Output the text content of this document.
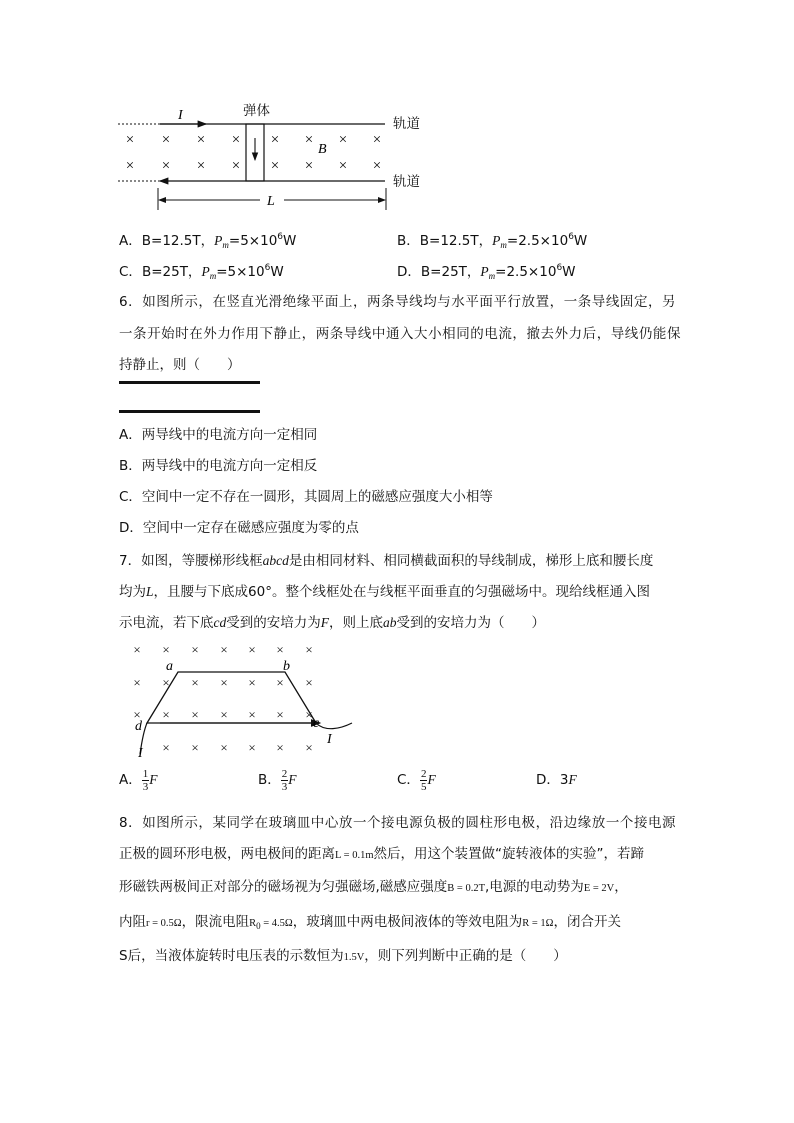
× × × × × × × ×
× × × × × × × ×
I
B
L
弹体
轨道
轨道
A．B=12.5T，$P_m=5\times 10^6W$	B．B=12.5T，$P_m=2.5\times 10^6W$
C．B=25T，$P_m=5\times 10^6W$	D．B=25T，$P_m=2.5\times 10^6W$
6．如图所示，在竖直光滑绝缘平面上，两条导线均与水平面平行放置，一条导线固定，另
一条开始时在外力作用下静止，两条导线中通入大小相同的电流，撤去外力后，导线仍能保
持静止，则（　　）
A．两导线中的电流方向一定相同
B．两导线中的电流方向一定相反
C．空间中一定不存在一圆形，其圆周上的磁感应强度大小相等
D．空间中一定存在磁感应强度为零的点
7．如图，等腰梯形线框abcd是由相同材料、相同横截面积的导线制成，梯形上底和腰长度
均为L，且腰与下底成60°。整个线框处在与线框平面垂直的匀强磁场中。现给线框通入图
示电流，若下底cd受到的安培力为F，则上底ab受到的安培力为（　　）
× × × × × × ×
× × × × × × ×
× × × × × × ×
× × × × × ×
a	b
c
d
I
I
A． $\frac{1}{3}$ F	B． $\frac{2}{3}$ F	C． $\frac{2}{5}$ F	D．3F
8．如图所示，某同学在玻璃皿中心放一个接电源负极的圆柱形电极，沿边缘放一个接电源
正极的圆环形电极，两电极间的距离L = 0.1m然后，用这个装置做“旋转液体的实验”，若蹄
形磁铁两极间正对部分的磁场视为匀强磁场,磁感应强度B = 0.2T,电源的电动势为E = 2V，
内阻r = 0.5Ω，限流电阻R0 = 4.5Ω，玻璃皿中两电极间液体的等效电阻为R = 1Ω，闭合开关
S后，当液体旋转时电压表的示数恒为1.5V，则下列判断中正确的是（　　）
